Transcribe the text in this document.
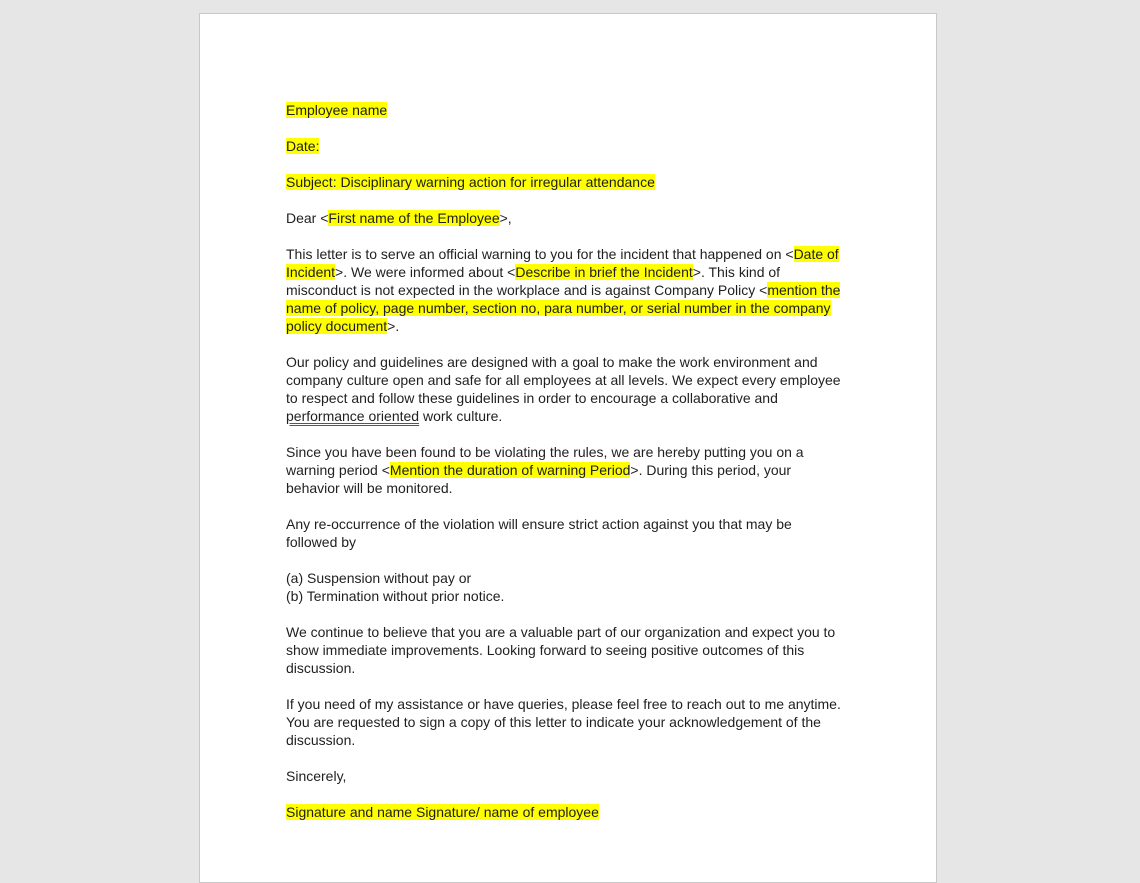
Employee name

Date:

Subject: Disciplinary warning action for irregular attendance

Dear <First name of the Employee>,

This letter is to serve an official warning to you for the incident that happened on <Date of Incident>. We were informed about <Describe in brief the Incident>. This kind of misconduct is not expected in the workplace and is against Company Policy <mention the name of policy, page number, section no, para number, or serial number in the company policy document>.

Our policy and guidelines are designed with a goal to make the work environment and company culture open and safe for all employees at all levels. We expect every employee to respect and follow these guidelines in order to encourage a collaborative and performance oriented work culture.

Since you have been found to be violating the rules, we are hereby putting you on a warning period <Mention the duration of warning Period>. During this period, your behavior will be monitored.

Any re-occurrence of the violation will ensure strict action against you that may be followed by

(a) Suspension without pay or
(b) Termination without prior notice.

We continue to believe that you are a valuable part of our organization and expect you to show immediate improvements. Looking forward to seeing positive outcomes of this discussion.

If you need of my assistance or have queries, please feel free to reach out to me anytime. You are requested to sign a copy of this letter to indicate your acknowledgement of the discussion.

Sincerely,

Signature and name Signature/ name of employee
